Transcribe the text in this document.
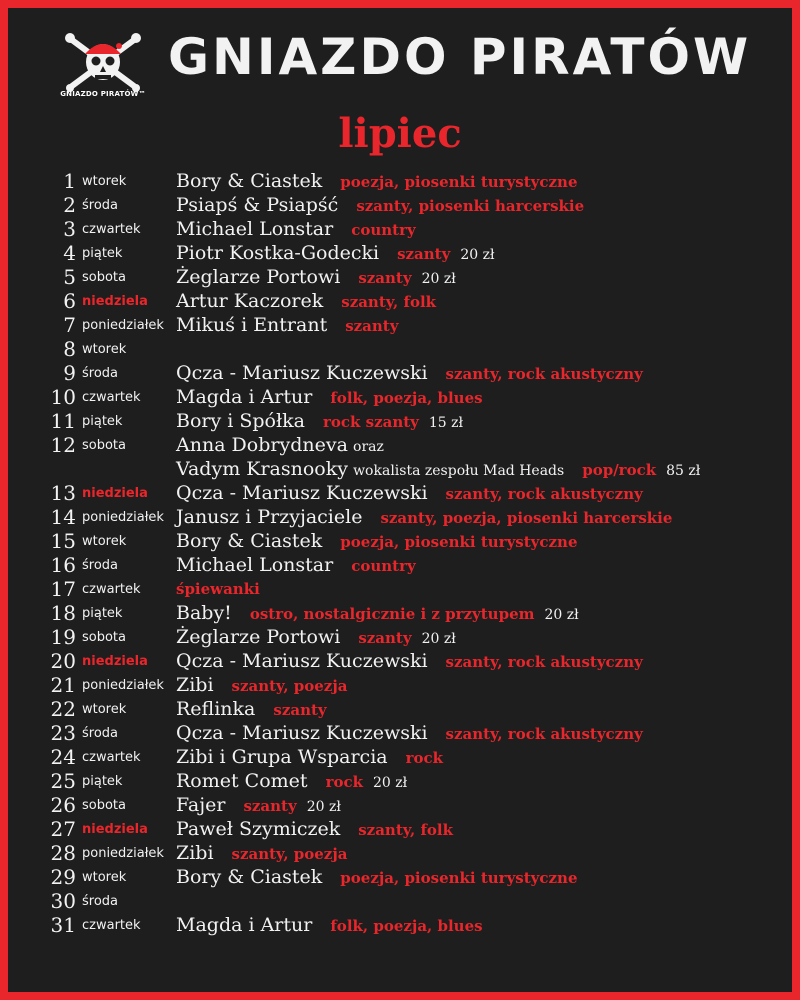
GNIAZDO PIRATÓW™
GNIAZDO PIRATÓW
lipiec
1 wtorek	Bory & Ciastek poezja, piosenki turystyczne
2 środa	Psiapś & Psiapść szanty, piosenki harcerskie
3 czwartek Michael Lonstar country
4 piątek	Piotr Kostka-Godecki szanty 20 zł
5 sobota	Żeglarze Portowi szanty 20 zł
6 niedziela Artur Kaczorek szanty, folk
7 poniedziałek Mikuś i Entrant szanty
8 wtorek
9 środa	Qcza - Mariusz Kuczewski szanty, rock akustyczny
10 czwartek Magda i Artur folk, poezja, blues
11 piątek	Bory i Spółka rock szanty 15 zł
12 sobota	Anna Dobrydneva oraz
Vadym Krasnooky wokalista zespołu Mad Heads pop/rock 85 zł
13 niedziela Qcza - Mariusz Kuczewski szanty, rock akustyczny
14 poniedziałek Janusz i Przyjaciele szanty, poezja, piosenki harcerskie
15 wtorek	Bory & Ciastek poezja, piosenki turystyczne
16 środa	Michael Lonstar country
17 czwartek śpiewanki
18 piątek	Baby! ostro, nostalgicznie i z przytupem 20 zł
19 sobota	Żeglarze Portowi szanty 20 zł
20 niedziela Qcza - Mariusz Kuczewski szanty, rock akustyczny
21 poniedziałek Zibi szanty, poezja
22 wtorek	Reflinka szanty
23 środa	Qcza - Mariusz Kuczewski szanty, rock akustyczny
24 czwartek Zibi i Grupa Wsparcia rock
25 piątek	Romet Comet rock 20 zł
26 sobota	Fajer szanty 20 zł
27 niedziela Paweł Szymiczek szanty, folk
28 poniedziałek Zibi szanty, poezja
29 wtorek	Bory & Ciastek poezja, piosenki turystyczne
30 środa
31 czwartek Magda i Artur folk, poezja, blues
